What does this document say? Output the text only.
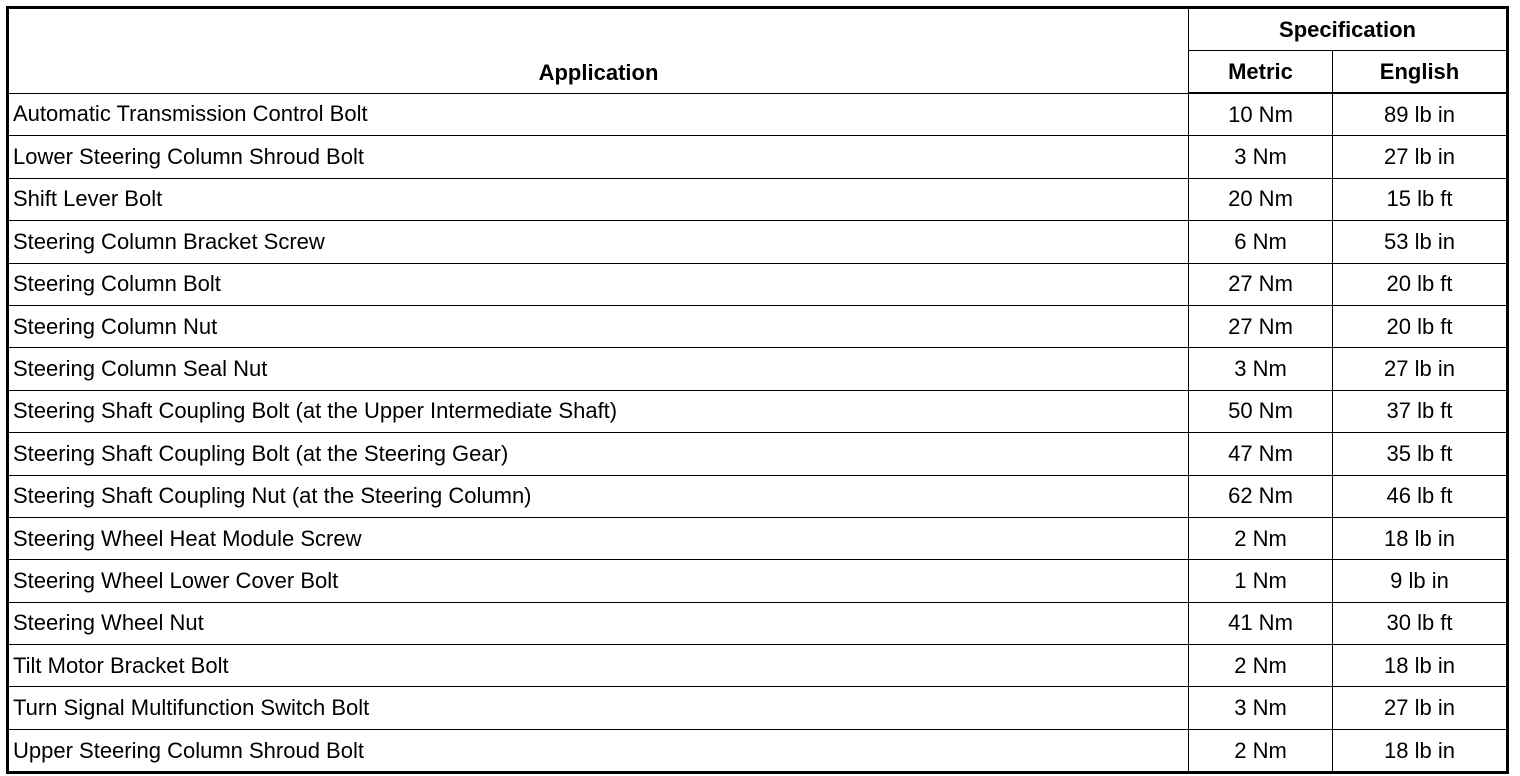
Application	Specification	
	Metric	English
Automatic Transmission Control Bolt	10 Nm	89 lb in
Lower Steering Column Shroud Bolt	3 Nm	27 lb in
Shift Lever Bolt	20 Nm	15 lb ft
Steering Column Bracket Screw	6 Nm	53 lb in
Steering Column Bolt	27 Nm	20 lb ft
Steering Column Nut	27 Nm	20 lb ft
Steering Column Seal Nut	3 Nm	27 lb in
Steering Shaft Coupling Bolt (at the Upper Intermediate Shaft)	50 Nm	37 lb ft
Steering Shaft Coupling Bolt (at the Steering Gear)	47 Nm	35 lb ft
Steering Shaft Coupling Nut (at the Steering Column)	62 Nm	46 lb ft
Steering Wheel Heat Module Screw	2 Nm	18 lb in
Steering Wheel Lower Cover Bolt	1 Nm	9 lb in
Steering Wheel Nut	41 Nm	30 lb ft
Tilt Motor Bracket Bolt	2 Nm	18 lb in
Turn Signal Multifunction Switch Bolt	3 Nm	27 lb in
Upper Steering Column Shroud Bolt	2 Nm	18 lb in
